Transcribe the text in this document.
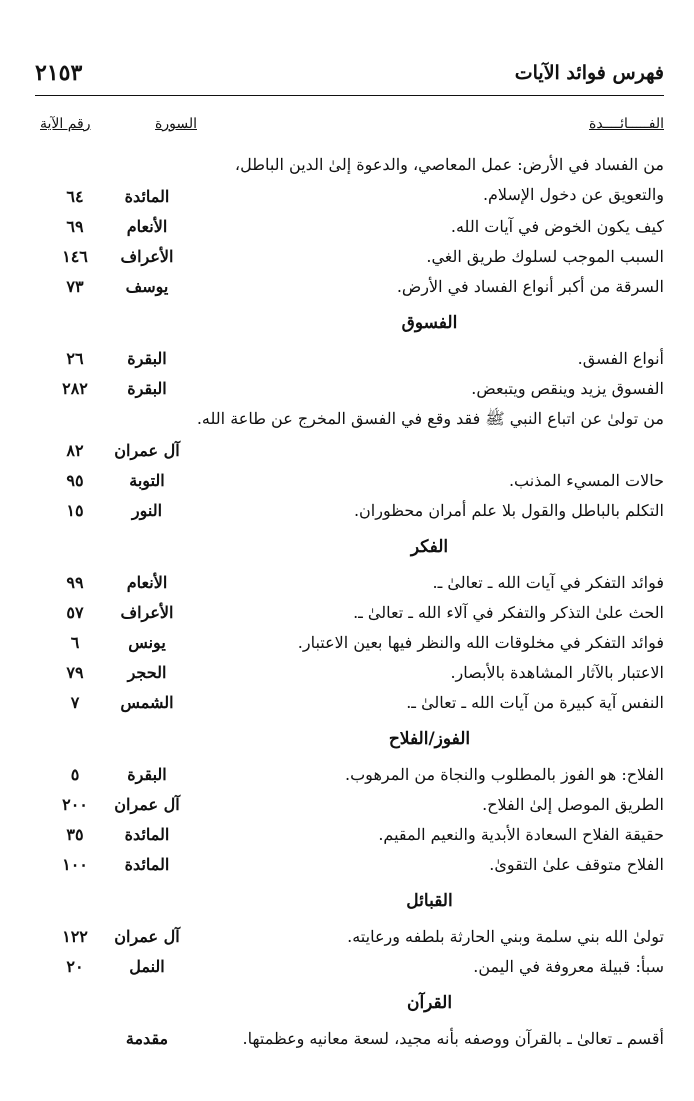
فهرس فوائد الآيات
٢١٥٣
الفـــــائــــدة
السورة
رقم الآية
من الفساد في الأرض: عمل المعاصي، والدعوة إلىٰ الدين الباطل، والتعويق عن دخول الإسلام.
المائدة
٦٤
كيف يكون الخوض في آيات الله.
الأنعام
٦٩
السبب الموجب لسلوك طريق الغي.
الأعراف
١٤٦
السرقة من أكبر أنواع الفساد في الأرض.
يوسف
٧٣
الفسوق
أنواع الفسق.
البقرة
٢٦
الفسوق يزيد وينقص ويتبعض.
البقرة
٢٨٢
من تولىٰ عن اتباع النبي ﷺ فقد وقع في الفسق المخرج عن طاعة الله.
آل عمران
٨٢
حالات المسيء المذنب.
التوبة
٩٥
التكلم بالباطل والقول بلا علم أمران محظوران.
النور
١٥
الفكر
فوائد التفكر في آيات الله ـ تعالىٰ ـ.
الأنعام
٩٩
الحث علىٰ التذكر والتفكر في آلاء الله ـ تعالىٰ ـ.
الأعراف
٥٧
فوائد التفكر في مخلوقات الله والنظر فيها بعين الاعتبار.
يونس
٦
الاعتبار بالآثار المشاهدة بالأبصار.
الحجر
٧٩
النفس آية كبيرة من آيات الله ـ تعالىٰ ـ.
الشمس
٧
الفوز/الفلاح
الفلاح: هو الفوز بالمطلوب والنجاة من المرهوب.
البقرة
٥
الطريق الموصل إلىٰ الفلاح.
آل عمران
٢٠٠
حقيقة الفلاح السعادة الأبدية والنعيم المقيم.
المائدة
٣٥
الفلاح متوقف علىٰ التقوىٰ.
المائدة
١٠٠
القبائل
تولىٰ الله بني سلمة وبني الحارثة بلطفه ورعايته.
آل عمران
١٢٢
سبأ: قبيلة معروفة في اليمن.
النمل
٢٠
القرآن
أقسم ـ تعالىٰ ـ بالقرآن ووصفه بأنه مجيد، لسعة معانيه وعظمتها.
مقدمة
